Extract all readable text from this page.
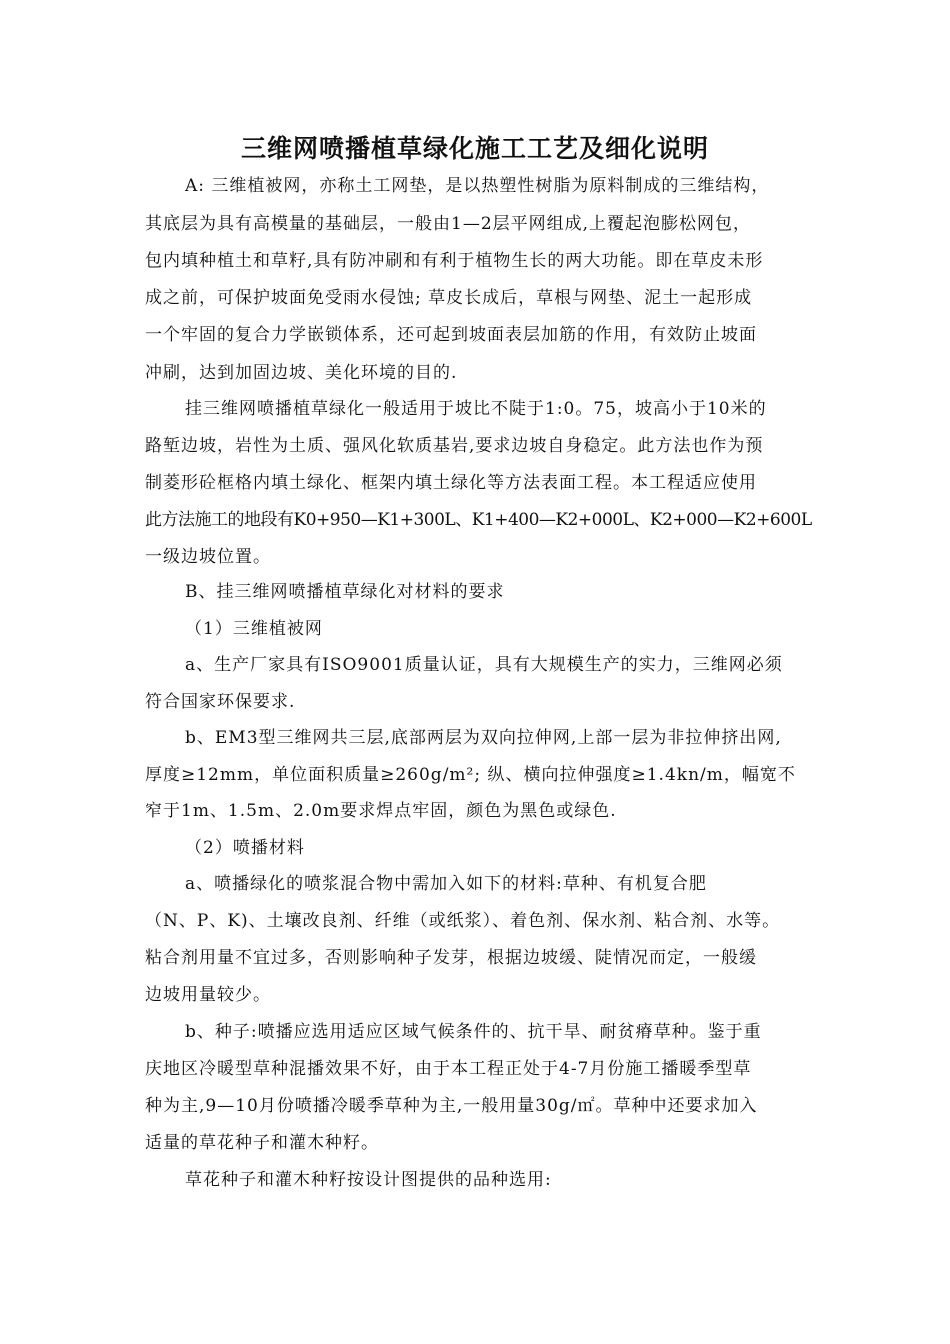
三维网喷播植草绿化施工工艺及细化说明
A: 三维植被网，亦称土工网垫，是以热塑性树脂为原料制成的三维结构，
其底层为具有高模量的基础层，一般由1—2层平网组成,上覆起泡膨松网包，
包内填种植土和草籽,具有防冲刷和有利于植物生长的两大功能。即在草皮未形
成之前，可保护坡面免受雨水侵蚀; 草皮长成后，草根与网垫、泥土一起形成
一个牢固的复合力学嵌锁体系，还可起到坡面表层加筋的作用，有效防止坡面
冲刷，达到加固边坡、美化环境的目的.
挂三维网喷播植草绿化一般适用于坡比不陡于1:0。75，坡高小于10米的
路堑边坡，岩性为土质、强风化软质基岩,要求边坡自身稳定。此方法也作为预
制菱形砼框格内填土绿化、框架内填土绿化等方法表面工程。本工程适应使用
此方法施工的地段有K0+950—K1+300L、K1+400—K2+000L、K2+000—K2+600L
一级边坡位置。
B、挂三维网喷播植草绿化对材料的要求
（1）三维植被网
a、生产厂家具有ISO9001质量认证，具有大规模生产的实力，三维网必须
符合国家环保要求.
b、EM3型三维网共三层,底部两层为双向拉伸网,上部一层为非拉伸挤出网,
厚度≥12mm，单位面积质量≥260g/m²; 纵、横向拉伸强度≥1.4kn/m，幅宽不
窄于1m、1.5m、2.0m要求焊点牢固，颜色为黑色或绿色.
（2）喷播材料
a、喷播绿化的喷浆混合物中需加入如下的材料:草种、有机复合肥
（N、P、K)、土壤改良剂、纤维（或纸浆）、着色剂、保水剂、粘合剂、水等。
粘合剂用量不宜过多，否则影响种子发芽，根据边坡缓、陡情况而定，一般缓
边坡用量较少。
b、种子:喷播应选用适应区域气候条件的、抗干旱、耐贫瘠草种。鉴于重
庆地区冷暖型草种混播效果不好，由于本工程正处于4-7月份施工播暖季型草
种为主,9—10月份喷播冷暖季草种为主,一般用量30g/㎡。草种中还要求加入
适量的草花种子和灌木种籽。
草花种子和灌木种籽按设计图提供的品种选用:
